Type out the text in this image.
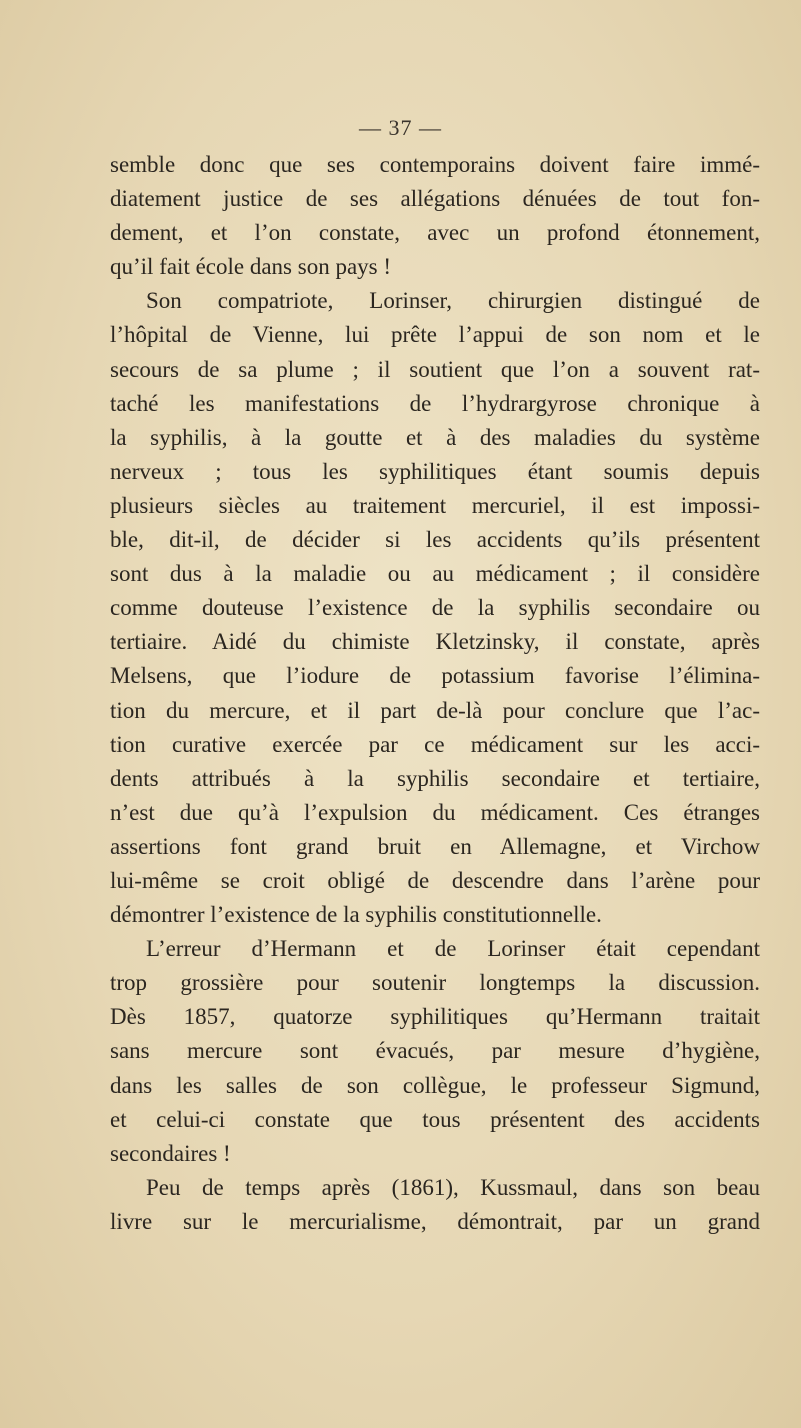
— 37 —
semble donc que ses contemporains doivent faire immé-
diatement justice de ses allégations dénuées de tout fon-
dement, et l’on constate, avec un profond étonnement,
qu’il fait école dans son pays !
Son compatriote, Lorinser, chirurgien distingué de
l’hôpital de Vienne, lui prête l’appui de son nom et le
secours de sa plume ; il soutient que l’on a souvent rat-
taché les manifestations de l’hydrargyrose chronique à
la syphilis, à la goutte et à des maladies du système
nerveux ; tous les syphilitiques étant soumis depuis
plusieurs siècles au traitement mercuriel, il est impossi-
ble, dit-il, de décider si les accidents qu’ils présentent
sont dus à la maladie ou au médicament ; il considère
comme douteuse l’existence de la syphilis secondaire ou
tertiaire. Aidé du chimiste Kletzinsky, il constate, après
Melsens, que l’iodure de potassium favorise l’élimina-
tion du mercure, et il part de-là pour conclure que l’ac-
tion curative exercée par ce médicament sur les acci-
dents attribués à la syphilis secondaire et tertiaire,
n’est due qu’à l’expulsion du médicament. Ces étranges
assertions font grand bruit en Allemagne, et Virchow
lui-même se croit obligé de descendre dans l’arène pour
démontrer l’existence de la syphilis constitutionnelle.
L’erreur d’Hermann et de Lorinser était cependant
trop grossière pour soutenir longtemps la discussion.
Dès 1857, quatorze syphilitiques qu’Hermann traitait
sans mercure sont évacués, par mesure d’hygiène,
dans les salles de son collègue, le professeur Sigmund,
et celui-ci constate que tous présentent des accidents
secondaires !
Peu de temps après (1861), Kussmaul, dans son beau
livre sur le mercurialisme, démontrait, par un grand
